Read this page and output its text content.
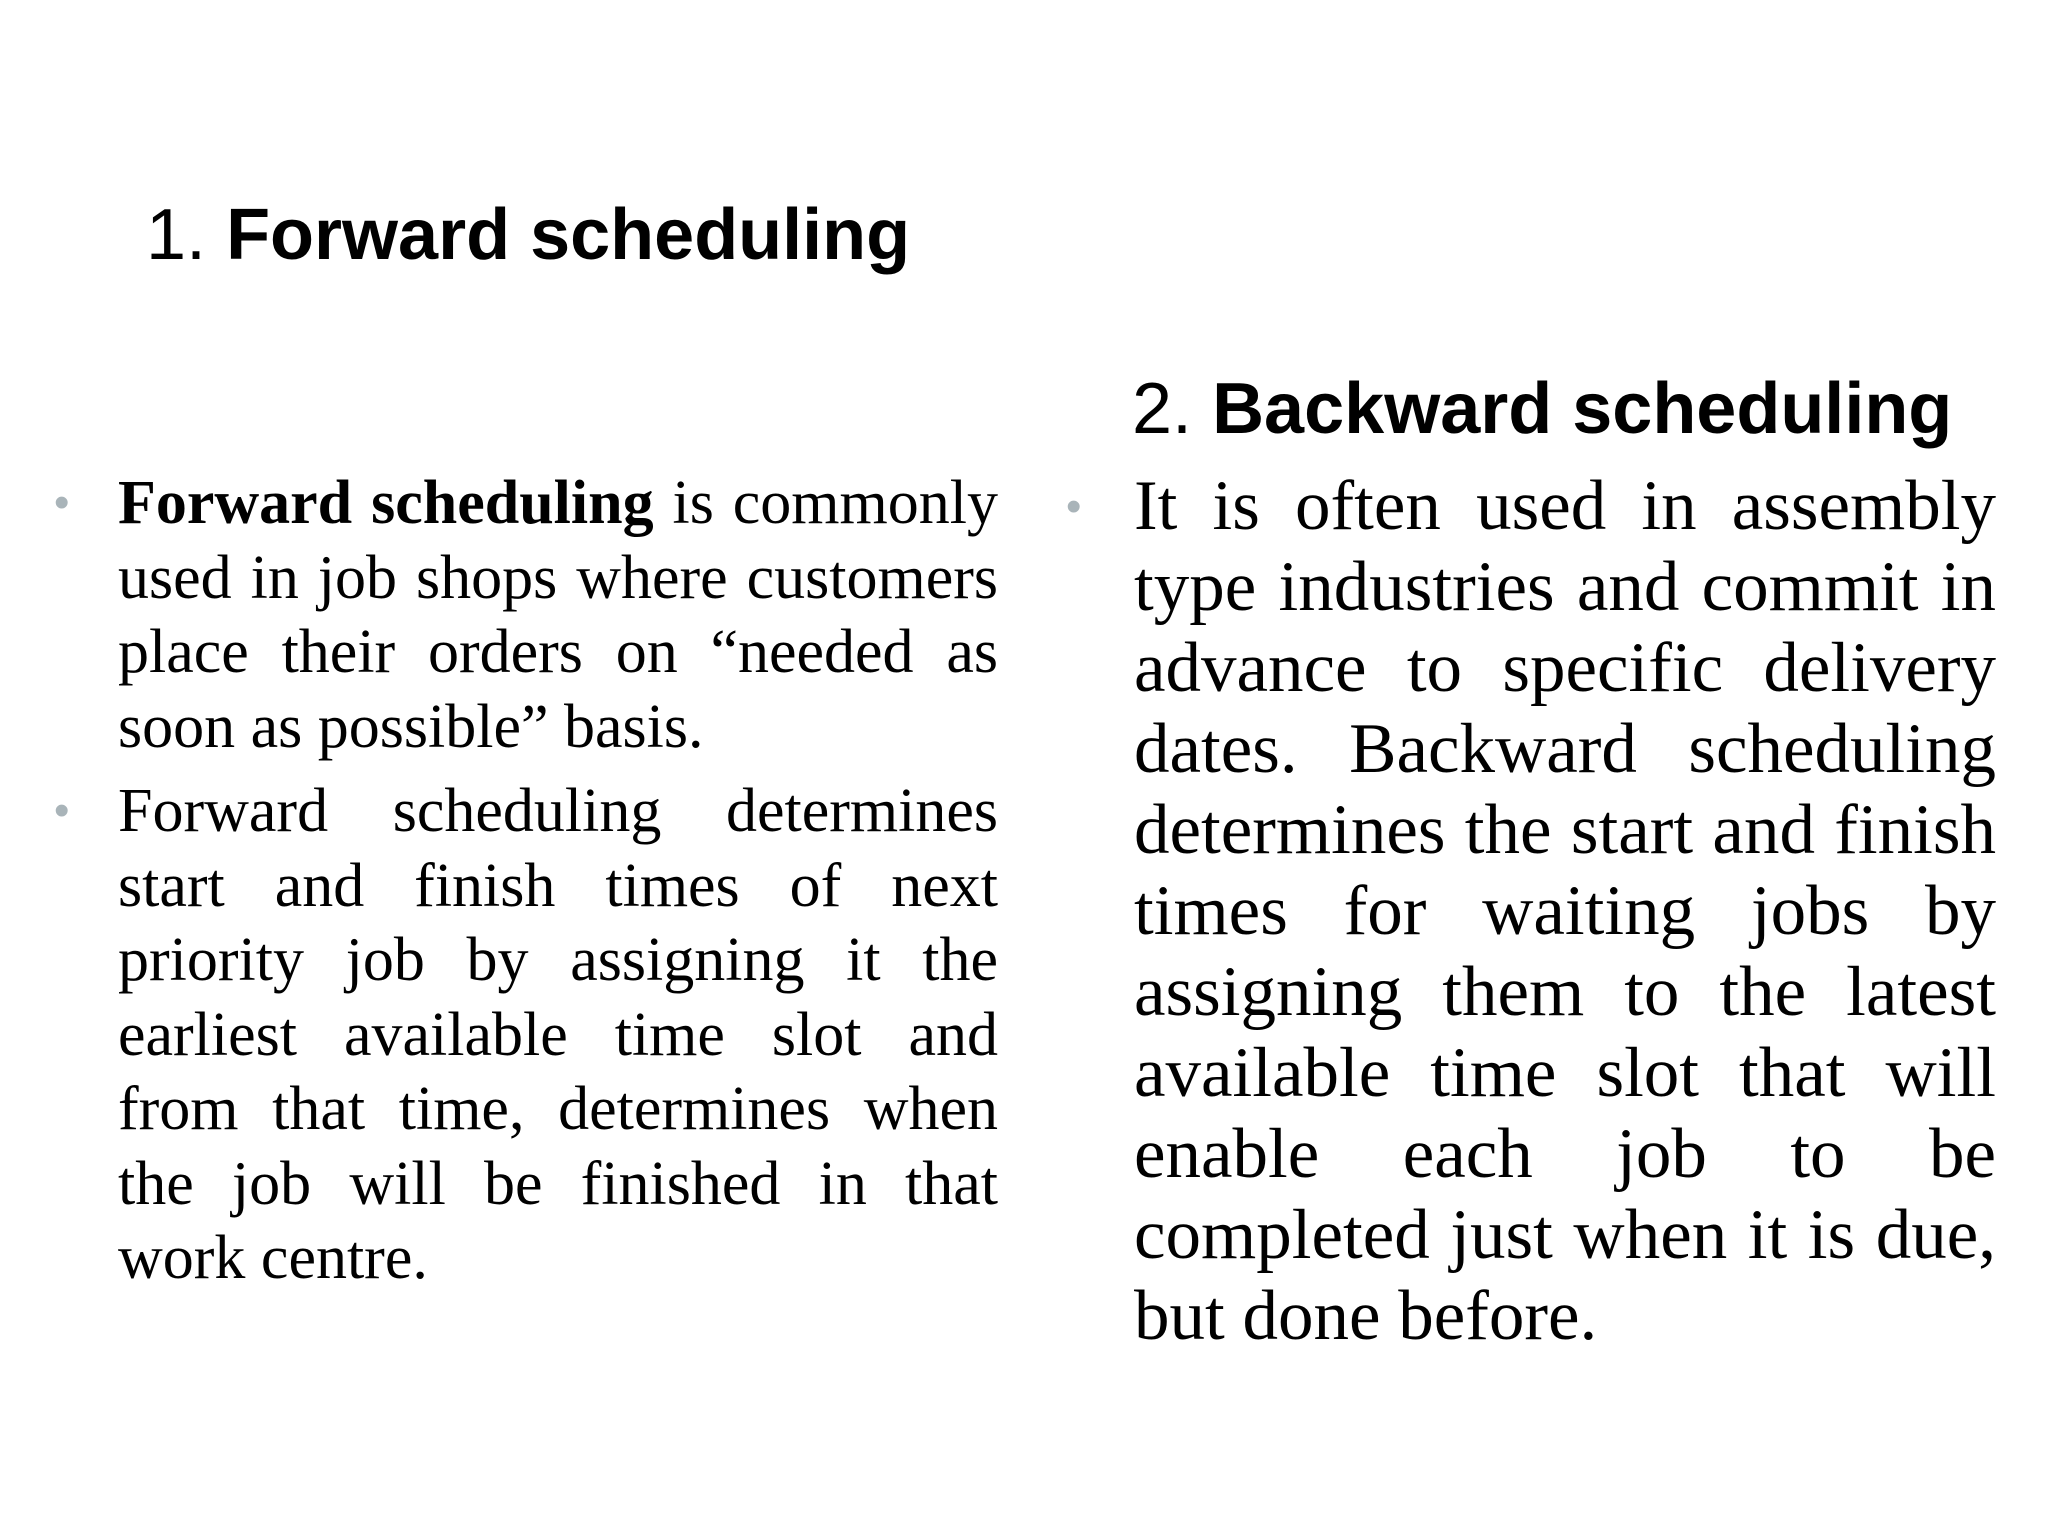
1. Forward scheduling
• Forward scheduling is commonly used in job shops where customers place their orders on “needed as soon as possible” basis.
• Forward scheduling determines start and finish times of next priority job by assigning it the earliest available time slot and from that time, determines when the job will be finished in that work centre.
2. Backward scheduling
• It is often used in assembly type industries and commit in advance to specific delivery dates. Backward scheduling determines the start and finish times for waiting jobs by assigning them to the latest available time slot that will enable each job to be completed just when it is due, but done before.
